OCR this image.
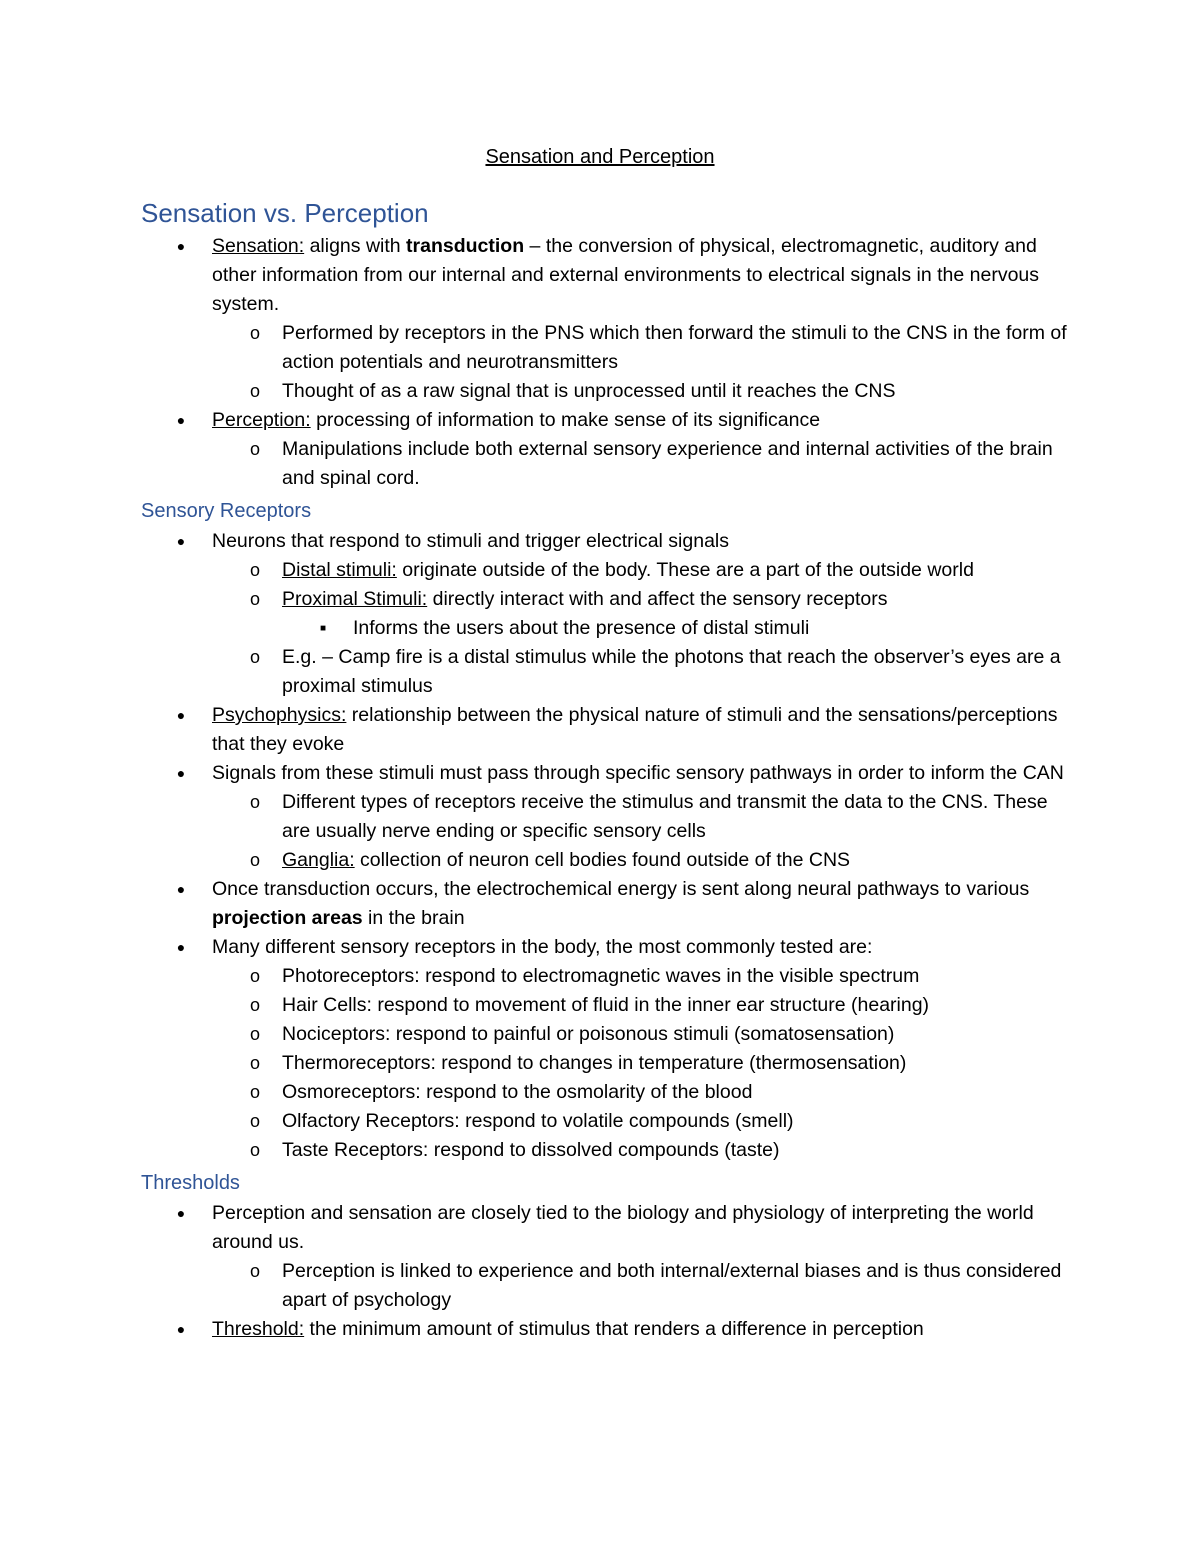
Sensation and Perception
Sensation vs. Perception

● Sensation: aligns with transduction – the conversion of physical, electromagnetic, auditory and other information from our internal and external environments to electrical signals in the nervous system.

o Performed by receptors in the PNS which then forward the stimuli to the CNS in the form of action potentials and neurotransmitters

o Thought of as a raw signal that is unprocessed until it reaches the CNS

● Perception: processing of information to make sense of its significance

o Manipulations include both external sensory experience and internal activities of the brain and spinal cord.

Sensory Receptors

● Neurons that respond to stimuli and trigger electrical signals

o Distal stimuli: originate outside of the body. These are a part of the outside world

o Proximal Stimuli: directly interact with and affect the sensory receptors

■	Informs the users about the presence of distal stimuli

o E.g. – Camp fire is a distal stimulus while the photons that reach the observer’s eyes are a proximal stimulus

● Psychophysics: relationship between the physical nature of stimuli and the sensations/perceptions that they evoke

● Signals from these stimuli must pass through specific sensory pathways in order to inform the CAN

o Different types of receptors receive the stimulus and transmit the data to the CNS. These are usually nerve ending or specific sensory cells

o Ganglia: collection of neuron cell bodies found outside of the CNS

● Once transduction occurs, the electrochemical energy is sent along neural pathways to various projection areas in the brain

● Many different sensory receptors in the body, the most commonly tested are:

o Photoreceptors: respond to electromagnetic waves in the visible spectrum

o Hair Cells: respond to movement of fluid in the inner ear structure (hearing)

o Nociceptors: respond to painful or poisonous stimuli (somatosensation)

o Thermoreceptors: respond to changes in temperature (thermosensation)

o Osmoreceptors: respond to the osmolarity of the blood

o Olfactory Receptors: respond to volatile compounds (smell)

o Taste Receptors: respond to dissolved compounds (taste)

Thresholds

● Perception and sensation are closely tied to the biology and physiology of interpreting the world around us.

o Perception is linked to experience and both internal/external biases and is thus considered apart of psychology

● Threshold: the minimum amount of stimulus that renders a difference in perception
